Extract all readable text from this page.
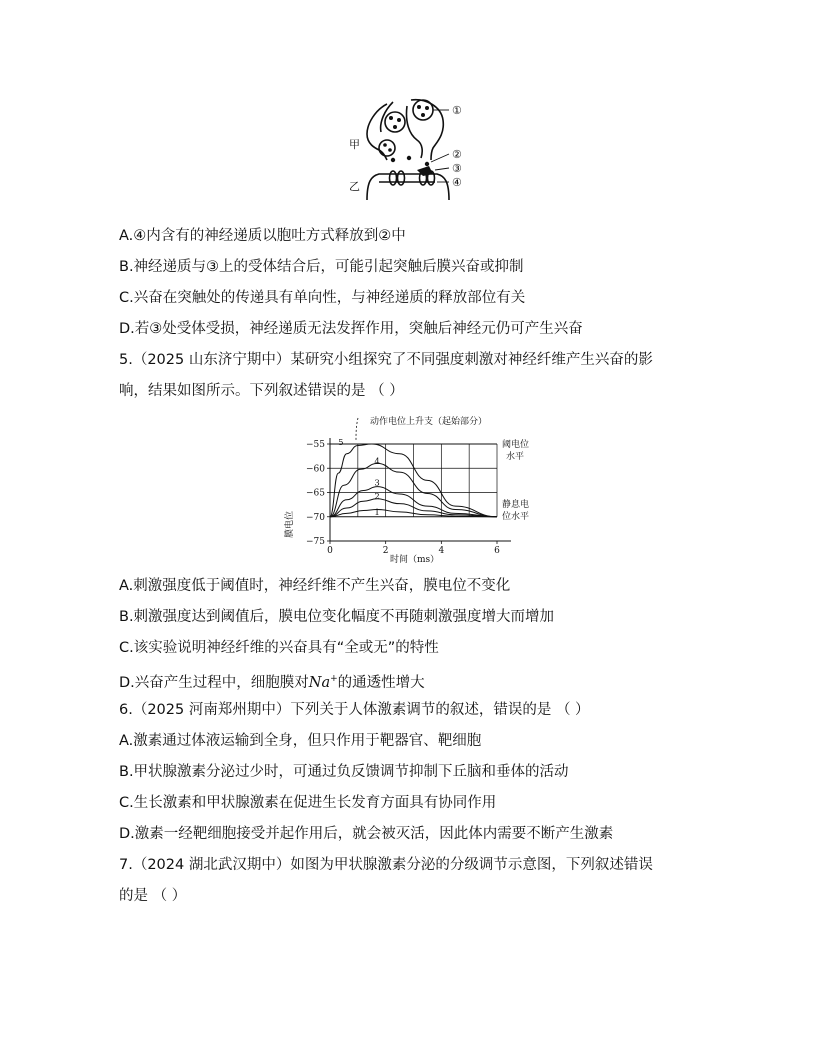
①
②
③
④
甲
乙
A.④内含有的神经递质以胞吐方式释放到②中
B.神经递质与③上的受体结合后，可能引起突触后膜兴奋或抑制
C.兴奋在突触处的传递具有单向性，与神经递质的释放部位有关
D.若③处受体受损，神经递质无法发挥作用，突触后神经元仍可产生兴奋
5.（2025 山东济宁期中）某研究小组探究了不同强度刺激对神经纤维产生兴奋的影
响，结果如图所示。下列叙述错误的是 （ ）
−55
−60
−65
−70
−75
0	2	4	6
1
2
3
4
5
动作电位上升支（起始部分）
阈电位
水平
静息电
位水平
时间（ms）
膜电位
A.刺激强度低于阈值时，神经纤维不产生兴奋，膜电位不变化
B.刺激强度达到阈值后，膜电位变化幅度不再随刺激强度增大而增加
C.该实验说明神经纤维的兴奋具有“全或无”的特性
D.兴奋产生过程中，细胞膜对Na+的通透性增大
6.（2025 河南郑州期中）下列关于人体激素调节的叙述，错误的是 （ ）
A.激素通过体液运输到全身，但只作用于靶器官、靶细胞
B.甲状腺激素分泌过少时，可通过负反馈调节抑制下丘脑和垂体的活动
C.生长激素和甲状腺激素在促进生长发育方面具有协同作用
D.激素一经靶细胞接受并起作用后，就会被灭活，因此体内需要不断产生激素
7.（2024 湖北武汉期中）如图为甲状腺激素分泌的分级调节示意图，下列叙述错误
的是 （ ）
